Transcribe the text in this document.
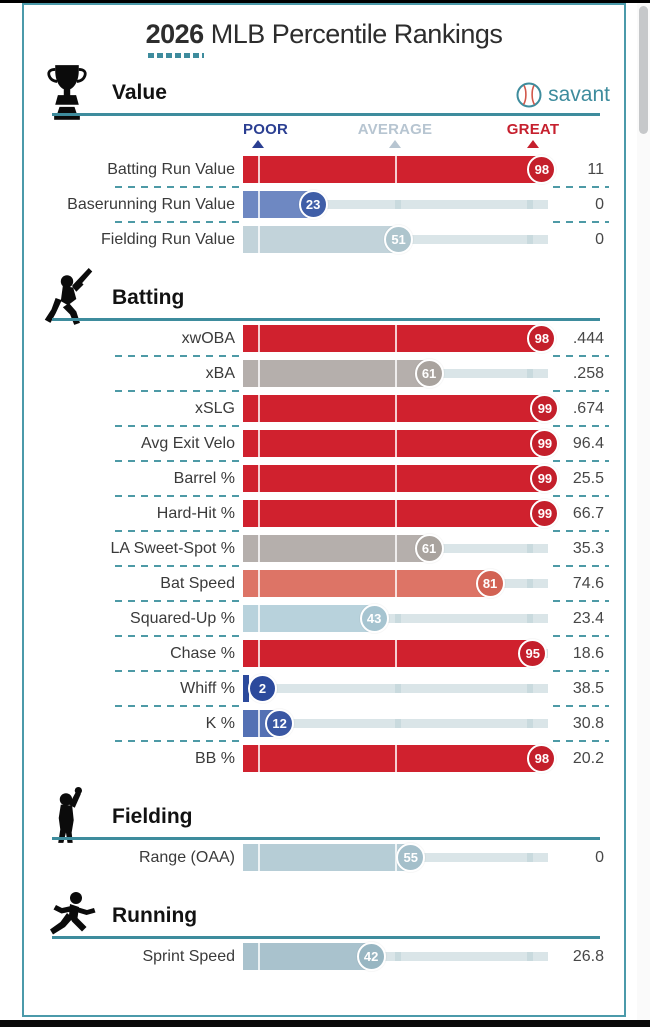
2026 MLB Percentile Rankings
Value	savant
POOR	AVERAGE	GREAT
Batting Run Value	98	11
Baserunning Run Value	23	0
Fielding Run Value	51	0
Batting
xwOBA	98	.444
xBA	61	.258
xSLG	99	.674
Avg Exit Velo	99	96.4
Barrel %	99	25.5
Hard-Hit %	99	66.7
LA Sweet-Spot %	61	35.3
Bat Speed	81	74.6
Squared-Up %	43	23.4
Chase %	95	18.6
Whiff %	2	38.5
K %	12	30.8
BB %	98	20.2
Fielding
Range (OAA)	55	0
Running
Sprint Speed	42	26.8
